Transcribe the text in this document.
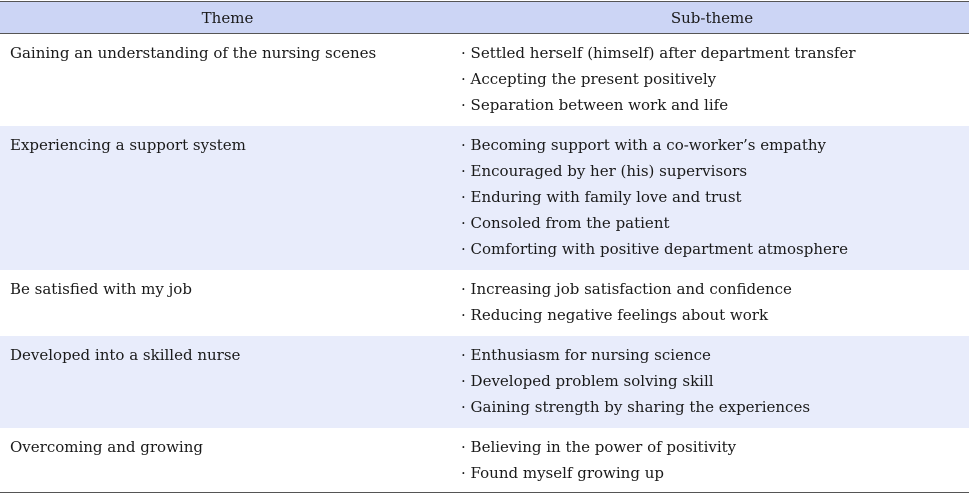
Theme	Sub-theme
Gaining an understanding of the nursing scenes	· Settled herself (himself) after department transfer
· Accepting the present positively
· Separation between work and life
Experiencing a support system	· Becoming support with a co-worker’s empathy
· Encouraged by her (his) supervisors
· Enduring with family love and trust
· Consoled from the patient
· Comforting with positive department atmosphere
Be satisfied with my job	· Increasing job satisfaction and confidence
· Reducing negative feelings about work
Developed into a skilled nurse	· Enthusiasm for nursing science
· Developed problem solving skill
· Gaining strength by sharing the experiences
Overcoming and growing	· Believing in the power of positivity
· Found myself growing up
